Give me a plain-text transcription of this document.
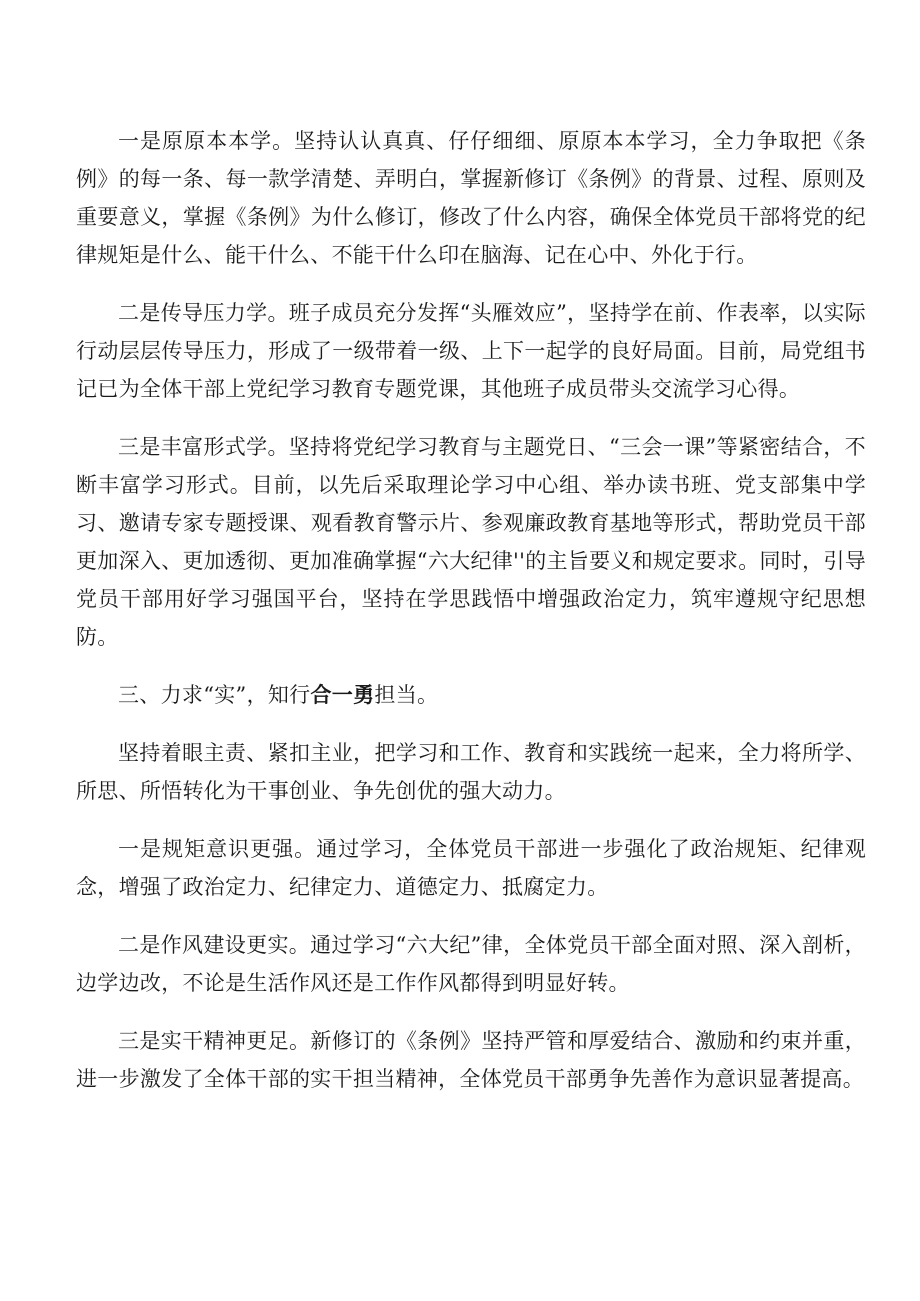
一是原原本本学。坚持认认真真、仔仔细细、原原本本学习，全力争取把《条例》的每一条、每一款学清楚、弄明白，掌握新修订《条例》的背景、过程、原则及重要意义，掌握《条例》为什么修订，修改了什么内容，确保全体党员干部将党的纪律规矩是什么、能干什么、不能干什么印在脑海、记在心中、外化于行。

二是传导压力学。班子成员充分发挥“头雁效应”，坚持学在前、作表率，以实际行动层层传导压力，形成了一级带着一级、上下一起学的良好局面。目前，局党组书记已为全体干部上党纪学习教育专题党课，其他班子成员带头交流学习心得。

三是丰富形式学。坚持将党纪学习教育与主题党日、“三会一课”等紧密结合，不断丰富学习形式。目前，以先后采取理论学习中心组、举办读书班、党支部集中学习、邀请专家专题授课、观看教育警示片、参观廉政教育基地等形式，帮助党员干部更加深入、更加透彻、更加准确掌握“六大纪律''的主旨要义和规定要求。同时，引导党员干部用好学习强国平台，坚持在学思践悟中增强政治定力，筑牢遵规守纪思想防。

三、力求“实”，知行合一勇担当。

坚持着眼主责、紧扣主业，把学习和工作、教育和实践统一起来，全力将所学、所思、所悟转化为干事创业、争先创优的强大动力。

一是规矩意识更强。通过学习，全体党员干部进一步强化了政治规矩、纪律观念，增强了政治定力、纪律定力、道德定力、抵腐定力。

二是作风建设更实。通过学习“六大纪”律，全体党员干部全面对照、深入剖析，边学边改，不论是生活作风还是工作作风都得到明显好转。

三是实干精神更足。新修订的《条例》坚持严管和厚爱结合、激励和约束并重，进一步激发了全体干部的实干担当精神，全体党员干部勇争先善作为意识显著提高。
